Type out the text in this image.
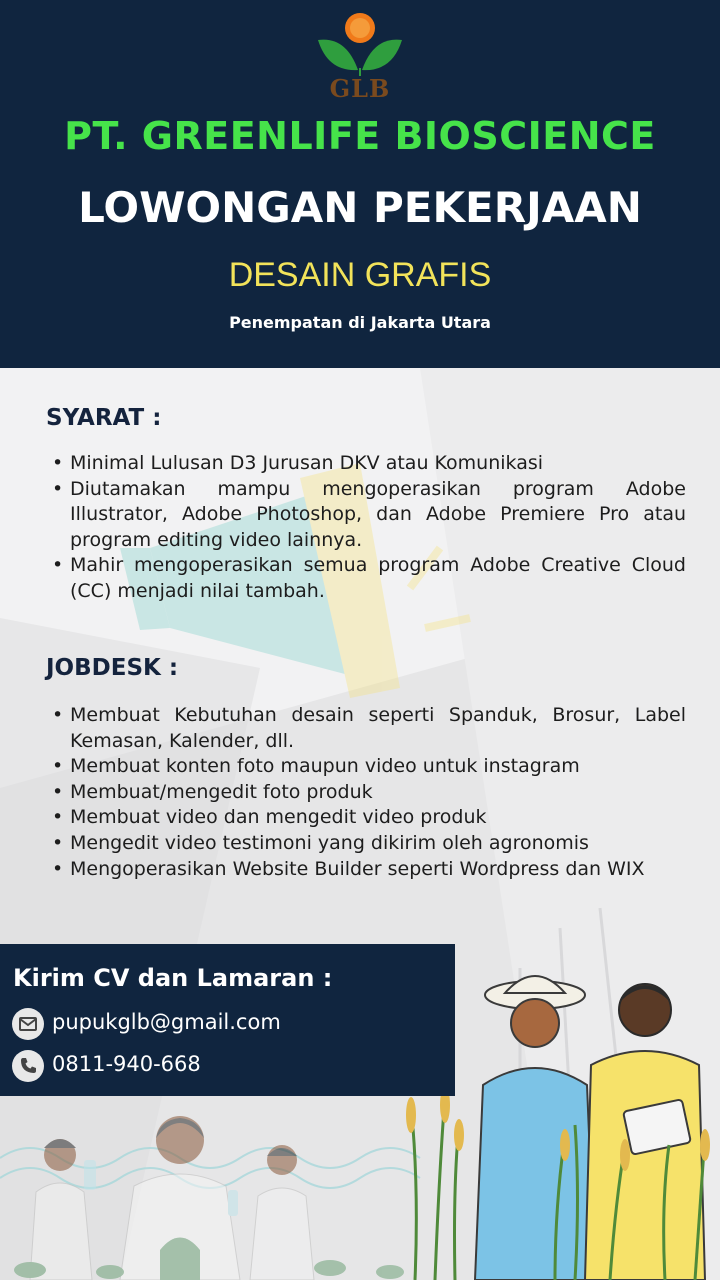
GLB
PT. GREENLIFE BIOSCIENCE
LOWONGAN PEKERJAAN
DESAIN GRAFIS
Penempatan di Jakarta Utara
SYARAT :
• Minimal Lulusan D3 Jurusan DKV atau Komunikasi
• Diutamakan mampu mengoperasikan program Adobe Illustrator, Adobe Photoshop, dan Adobe Premiere Pro atau program editing video lainnya.
• Mahir mengoperasikan semua program Adobe Creative Cloud (CC) menjadi nilai tambah.
JOBDESK :
• Membuat Kebutuhan desain seperti Spanduk, Brosur, Label Kemasan, Kalender, dll.
• Membuat konten foto maupun video untuk instagram
• Membuat/mengedit foto produk
• Membuat video dan mengedit video produk
• Mengedit video testimoni yang dikirim oleh agronomis
• Mengoperasikan Website Builder seperti Wordpress dan WIX
Kirim CV dan Lamaran :
pupukglb@gmail.com
0811-940-668
